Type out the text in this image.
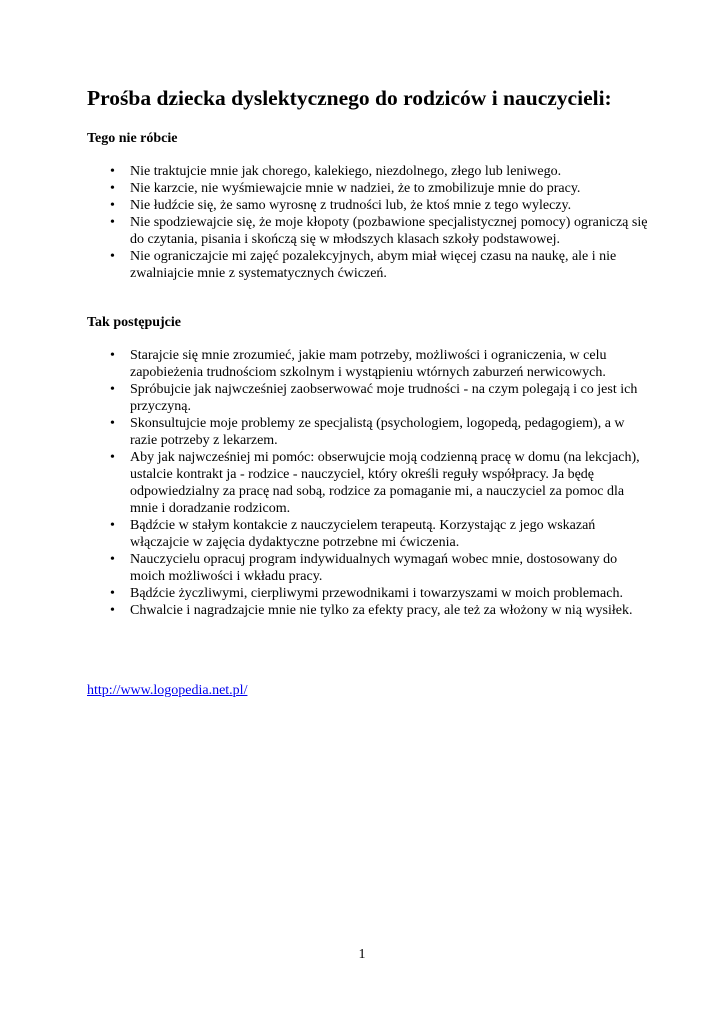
Prośba dziecka dyslektycznego do rodziców i nauczycieli:
Tego nie róbcie
• Nie traktujcie mnie jak chorego, kalekiego, niezdolnego, złego lub leniwego.
• Nie karzcie, nie wyśmiewajcie mnie w nadziei, że to zmobilizuje mnie do pracy.
• Nie łudźcie się, że samo wyrosnę z trudności lub, że ktoś mnie z tego wyleczy.
• Nie spodziewajcie się, że moje kłopoty (pozbawione specjalistycznej pomocy) ograniczą się do czytania, pisania i skończą się w młodszych klasach szkoły podstawowej.
• Nie ograniczajcie mi zajęć pozalekcyjnych, abym miał więcej czasu na naukę, ale i nie zwalniajcie mnie z systematycznych ćwiczeń.
Tak postępujcie
• Starajcie się mnie zrozumieć, jakie mam potrzeby, możliwości i ograniczenia, w celu zapobieżenia trudnościom szkolnym i wystąpieniu wtórnych zaburzeń nerwicowych.
• Spróbujcie jak najwcześniej zaobserwować moje trudności - na czym polegają i co jest ich przyczyną.
• Skonsultujcie moje problemy ze specjalistą (psychologiem, logopedą, pedagogiem), a w razie potrzeby z lekarzem.
• Aby jak najwcześniej mi pomóc: obserwujcie moją codzienną pracę w domu (na lekcjach), ustalcie kontrakt ja - rodzice - nauczyciel, który określi reguły współpracy. Ja będę odpowiedzialny za pracę nad sobą, rodzice za pomaganie mi, a nauczyciel za pomoc dla mnie i doradzanie rodzicom.
• Bądźcie w stałym kontakcie z nauczycielem terapeutą. Korzystając z jego wskazań włączajcie w zajęcia dydaktyczne potrzebne mi ćwiczenia.
• Nauczycielu opracuj program indywidualnych wymagań wobec mnie, dostosowany do moich możliwości i wkładu pracy.
• Bądźcie życzliwymi, cierpliwymi przewodnikami i towarzyszami w moich problemach.
• Chwalcie i nagradzajcie mnie nie tylko za efekty pracy, ale też za włożony w nią wysiłek.
http://www.logopedia.net.pl/
1
